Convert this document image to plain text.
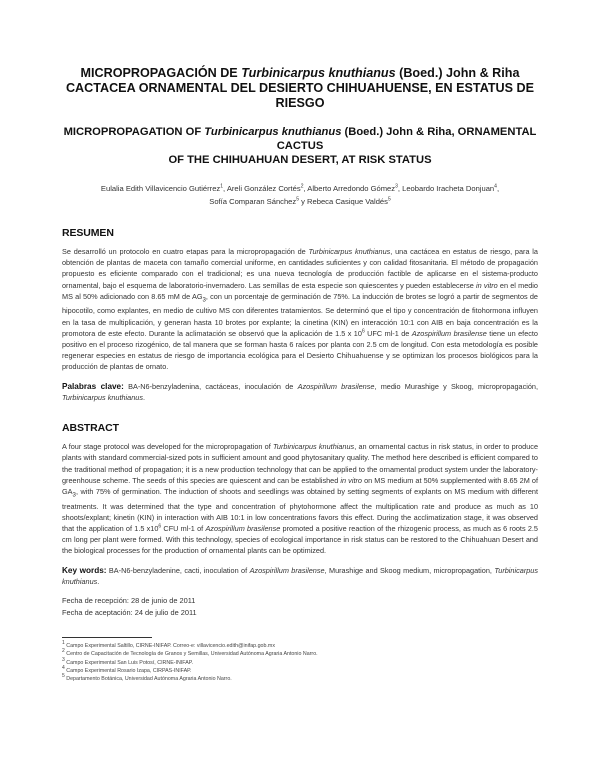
MICROPROPAGACIÓN DE Turbinicarpus knuthianus (Boed.) John & Riha
CACTACEA ORNAMENTAL DEL DESIERTO CHIHUAHUENSE, EN ESTATUS DE RIESGO
MICROPROPAGATION OF Turbinicarpus knuthianus (Boed.) John & Riha, ORNAMENTAL CACTUS
OF THE CHIHUAHUAN DESERT, AT RISK STATUS
Eulalia Edith Villavicencio Gutiérrez$^1$, Areli González Cortés$^2$, Alberto Arredondo Gómez$^3$, Leobardo Iracheta Donjuan$^4$,
Sofía Comparan Sánchez$^5$ y Rebeca Casique Valdés$^5$
RESUMEN
Se desarrolló un protocolo en cuatro etapas para la micropropagación de Turbinicarpus knuthianus, una cactácea en estatus de riesgo, para la obtención de plantas de maceta con tamaño comercial uniforme, en cantidades suficientes y con calidad fitosanitaria. El método de propagación propuesto es eficiente comparado con el tradicional; es una nueva tecnología de producción factible de aplicarse en el sistema-producto ornamental, bajo el esquema de laboratorio-invernadero. Las semillas de esta especie son quiescentes y pueden establecerse in vitro en el medio MS al 50% adicionado con 8.65 mM de $AG_3$, con un porcentaje de germinación de 75%. La inducción de brotes se logró a partir de segmentos de hipocotilo, como explantes, en medio de cultivo MS con diferentes tratamientos. Se determinó que el tipo y concentración de fitohormona influyen en la tasa de multiplicación, y generan hasta 10 brotes por explante; la cinetina (KIN) en interacción 10:1 con AIB en baja concentración es la promotora de este efecto. Durante la aclimatación se observó que la aplicación de 1.5 x $10^6$ UFC ml-1 de Azospirillum brasilense tiene un efecto positivo en el proceso rizogénico, de tal manera que se forman hasta 6 raíces por planta con 2.5 cm de longitud. Con esta metodología es posible regenerar especies en estatus de riesgo de importancia ecológica para el Desierto Chihuahuense y se optimizan los procesos biológicos para la producción de plantas de ornato.
Palabras clave: BA-N6-benzyladenina, cactáceas, inoculación de Azospirillum brasilense, medio Murashige y Skoog, micropropagación, Turbinicarpus knuthianus.
ABSTRACT
A four stage protocol was developed for the micropropagation of Turbinicarpus knuthianus, an ornamental cactus in risk status, in order to produce plants with standard commercial-sized pots in sufficient amount and good phytosanitary quality. The method here described is efficient compared to the traditional method of propagation; it is a new production technology that can be applied to the ornamental product system under the laboratory-greenhouse scheme. The seeds of this species are quiescent and can be established in vitro on MS medium at 50% supplemented with 8.65 2M of $GA_3$, with 75% of germination. The induction of shoots and seedlings was obtained by setting segments of explants on MS medium with different treatments. It was determined that the type and concentration of phytohormone affect the multiplication rate and produce as much as 10 shoots/explant; kinetin (KIN) in interaction with AIB 10:1 in low concentrations favors this effect. During the acclimatization stage, it was observed that the application of 1.5 $x10^6$ CFU ml-1 of Azospirillum brasilense promoted a positive reaction of the rhizogenic process, as much as 6 roots 2.5 cm long per plant were formed. With this technology, species of ecological importance in risk status can be restored to the Chihuahuan Desert and the biological processes for the production of ornamental plants can be optimized.
Key words: BA-N6-benzyladenine, cacti, inoculation of Azospirillum brasilense, Murashige and Skoog medium, micropropagation, Turbinicarpus knuthianus.
Fecha de recepción: 28 de junio de 2011
Fecha de aceptación: 24 de julio de 2011
$^1$ Campo Experimental Saltillo, CIRNE-INIFAP. Correo-e: villavicencio.edith@inifap.gob.mx
$^2$ Centro de Capacitación de Tecnología de Granos y Semillas, Universidad Autónoma Agraria Antonio Narro.
$^3$ Campo Experimental San Luis Potosí, CIRNE-INIFAP.
$^4$ Campo Experimental Rosario Izapa, CIRPAS-INIFAP.
$^5$ Departamento Botánica, Universidad Autónoma Agraria Antonio Narro.
